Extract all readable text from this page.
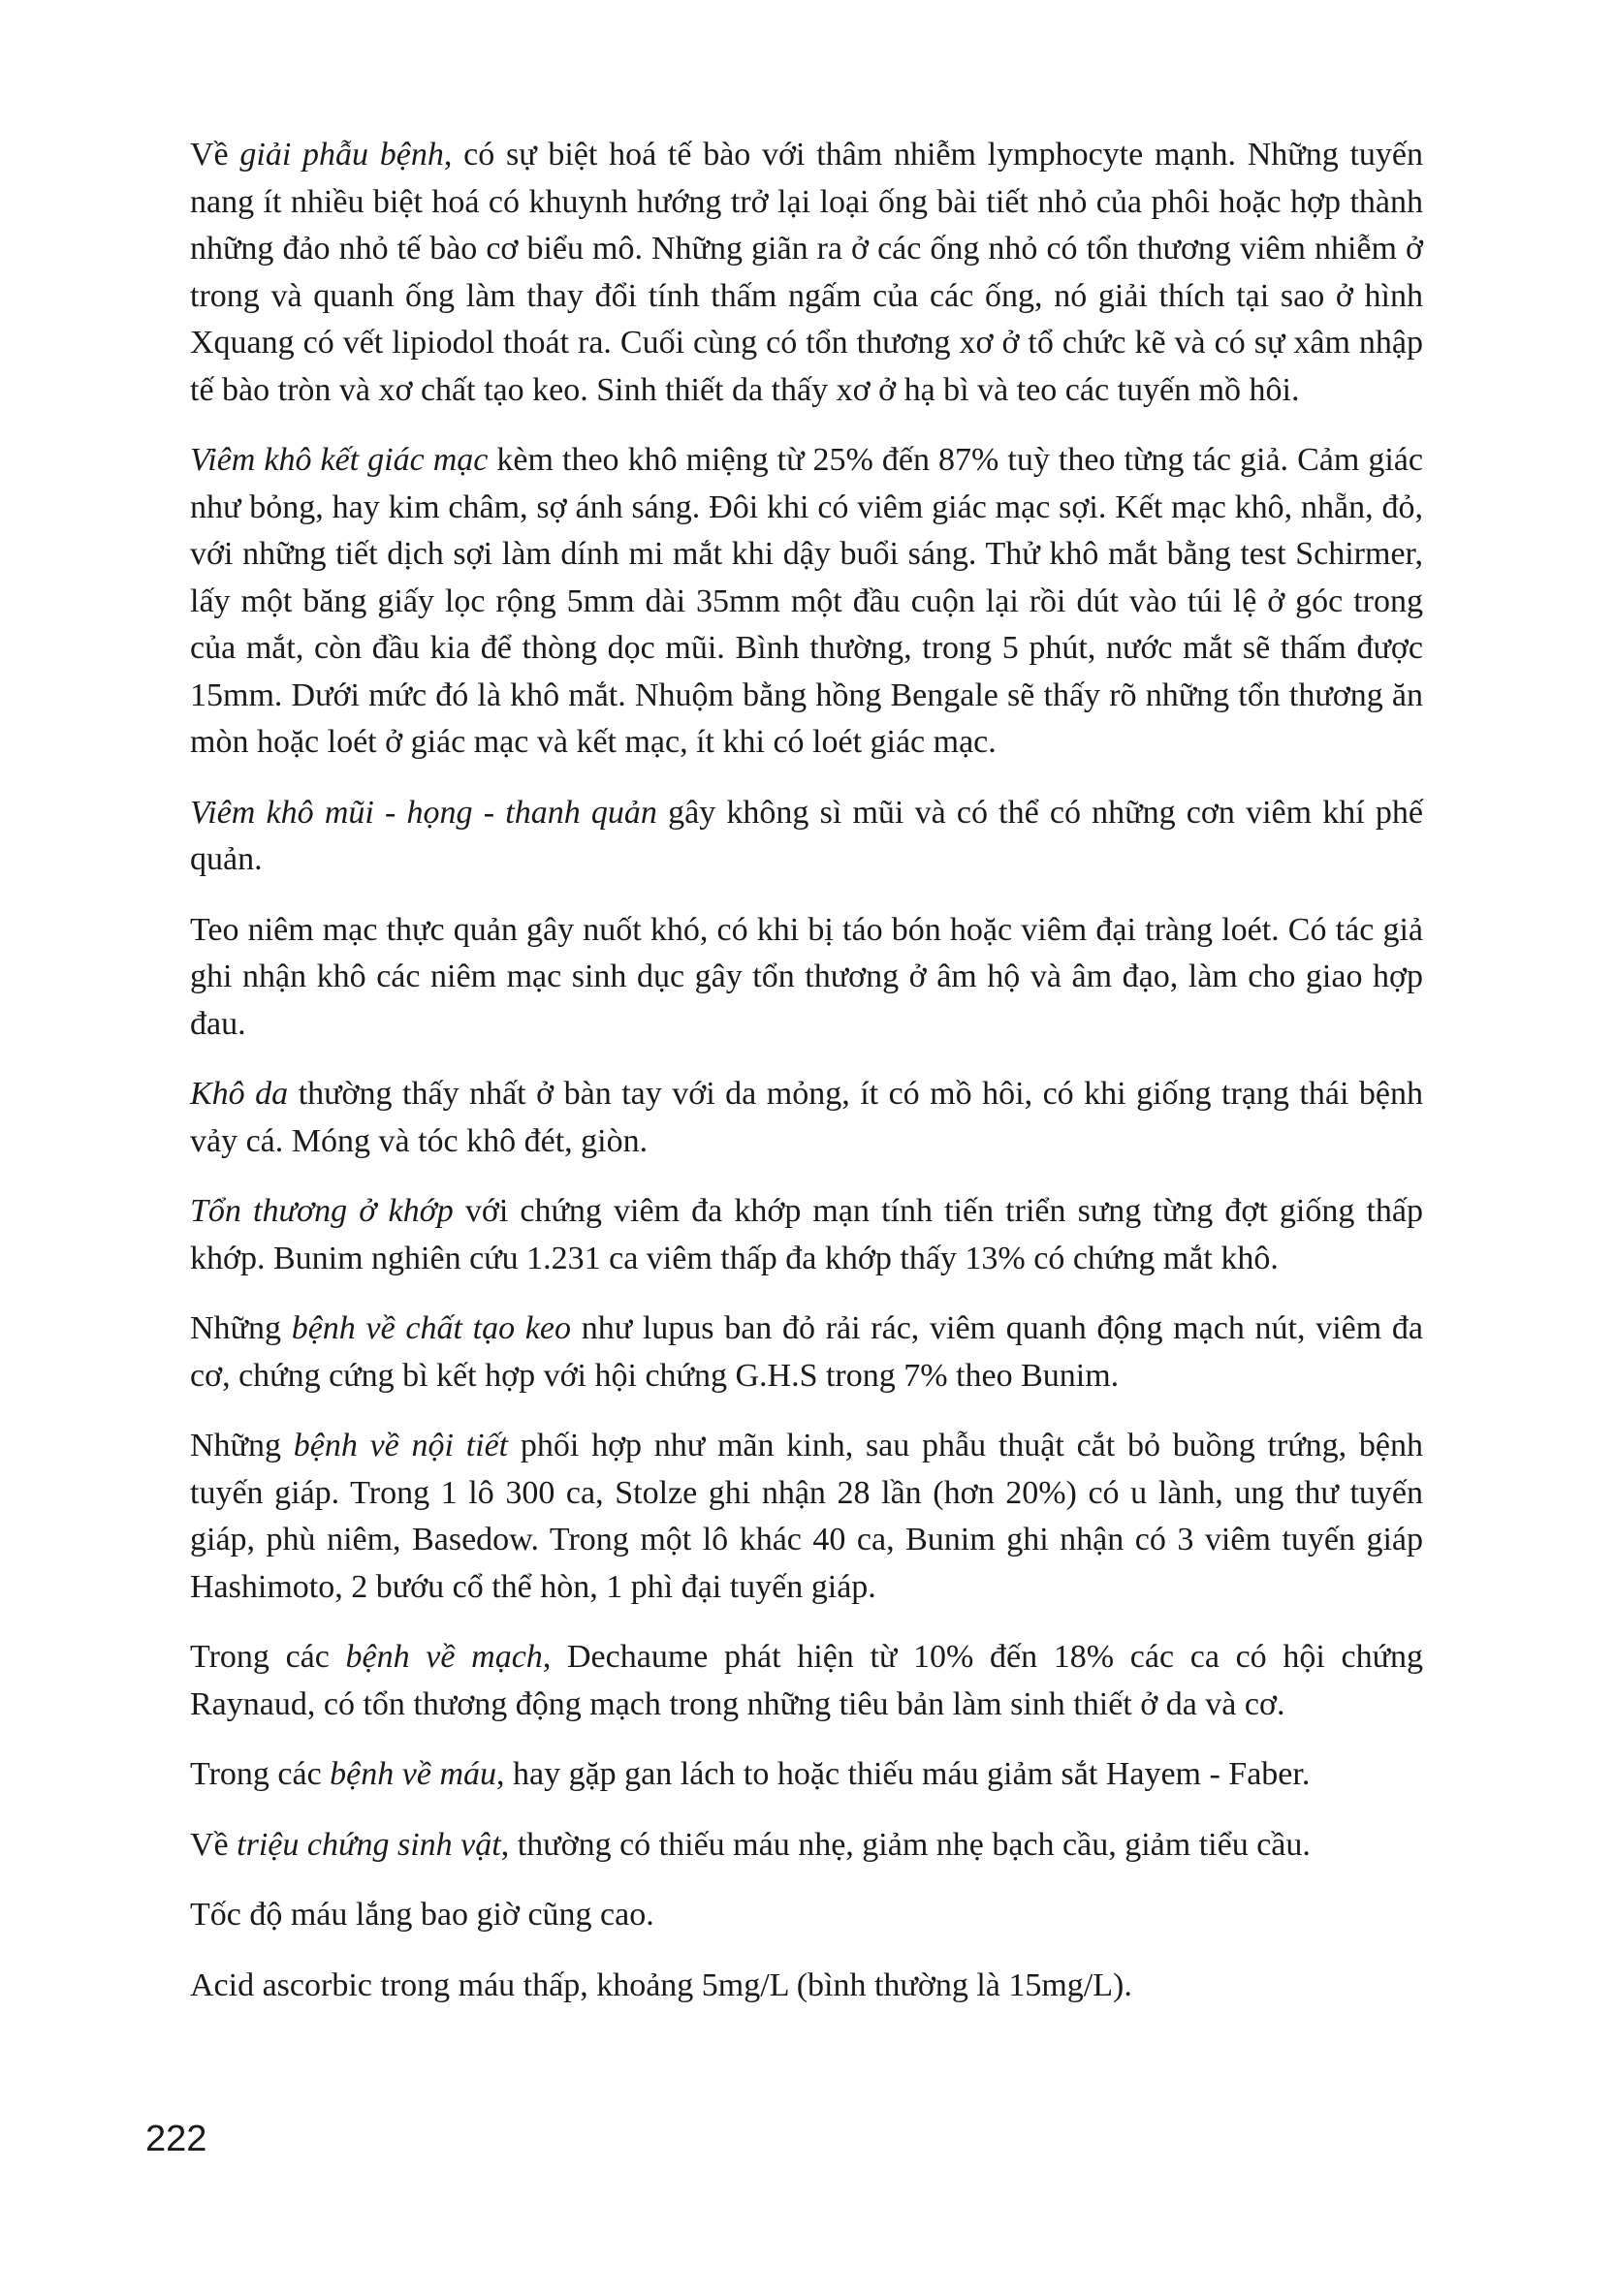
Về giải phẫu bệnh, có sự biệt hoá tế bào với thâm nhiễm lymphocyte mạnh. Những tuyến nang ít nhiều biệt hoá có khuynh hướng trở lại loại ống bài tiết nhỏ của phôi hoặc hợp thành những đảo nhỏ tế bào cơ biểu mô. Những giãn ra ở các ống nhỏ có tổn thương viêm nhiễm ở trong và quanh ống làm thay đổi tính thấm ngấm của các ống, nó giải thích tại sao ở hình Xquang có vết lipiodol thoát ra. Cuối cùng có tổn thương xơ ở tổ chức kẽ và có sự xâm nhập tế bào tròn và xơ chất tạo keo. Sinh thiết da thấy xơ ở hạ bì và teo các tuyến mồ hôi.

Viêm khô kết giác mạc kèm theo khô miệng từ 25% đến 87% tuỳ theo từng tác giả. Cảm giác như bỏng, hay kim châm, sợ ánh sáng. Đôi khi có viêm giác mạc sợi. Kết mạc khô, nhẵn, đỏ, với những tiết dịch sợi làm dính mi mắt khi dậy buổi sáng. Thử khô mắt bằng test Schirmer, lấy một băng giấy lọc rộng 5mm dài 35mm một đầu cuộn lại rồi dút vào túi lệ ở góc trong của mắt, còn đầu kia để thòng dọc mũi. Bình thường, trong 5 phút, nước mắt sẽ thấm được 15mm. Dưới mức đó là khô mắt. Nhuộm bằng hồng Bengale sẽ thấy rõ những tổn thương ăn mòn hoặc loét ở giác mạc và kết mạc, ít khi có loét giác mạc.

Viêm khô mũi - họng - thanh quản gây không sì mũi và có thể có những cơn viêm khí phế quản.

Teo niêm mạc thực quản gây nuốt khó, có khi bị táo bón hoặc viêm đại tràng loét. Có tác giả ghi nhận khô các niêm mạc sinh dục gây tổn thương ở âm hộ và âm đạo, làm cho giao hợp đau.

Khô da thường thấy nhất ở bàn tay với da mỏng, ít có mồ hôi, có khi giống trạng thái bệnh vảy cá. Móng và tóc khô đét, giòn.

Tổn thương ở khớp với chứng viêm đa khớp mạn tính tiến triển sưng từng đợt giống thấp khớp. Bunim nghiên cứu 1.231 ca viêm thấp đa khớp thấy 13% có chứng mắt khô.

Những bệnh về chất tạo keo như lupus ban đỏ rải rác, viêm quanh động mạch nút, viêm đa cơ, chứng cứng bì kết hợp với hội chứng G.H.S trong 7% theo Bunim.

Những bệnh về nội tiết phối hợp như mãn kinh, sau phẫu thuật cắt bỏ buồng trứng, bệnh tuyến giáp. Trong 1 lô 300 ca, Stolze ghi nhận 28 lần (hơn 20%) có u lành, ung thư tuyến giáp, phù niêm, Basedow. Trong một lô khác 40 ca, Bunim ghi nhận có 3 viêm tuyến giáp Hashimoto, 2 bướu cổ thể hòn, 1 phì đại tuyến giáp.

Trong các bệnh về mạch, Dechaume phát hiện từ 10% đến 18% các ca có hội chứng Raynaud, có tổn thương động mạch trong những tiêu bản làm sinh thiết ở da và cơ.

Trong các bệnh về máu, hay gặp gan lách to hoặc thiếu máu giảm sắt Hayem - Faber.

Về triệu chứng sinh vật, thường có thiếu máu nhẹ, giảm nhẹ bạch cầu, giảm tiểu cầu.

Tốc độ máu lắng bao giờ cũng cao.

Acid ascorbic trong máu thấp, khoảng 5mg/L (bình thường là 15mg/L).

222
